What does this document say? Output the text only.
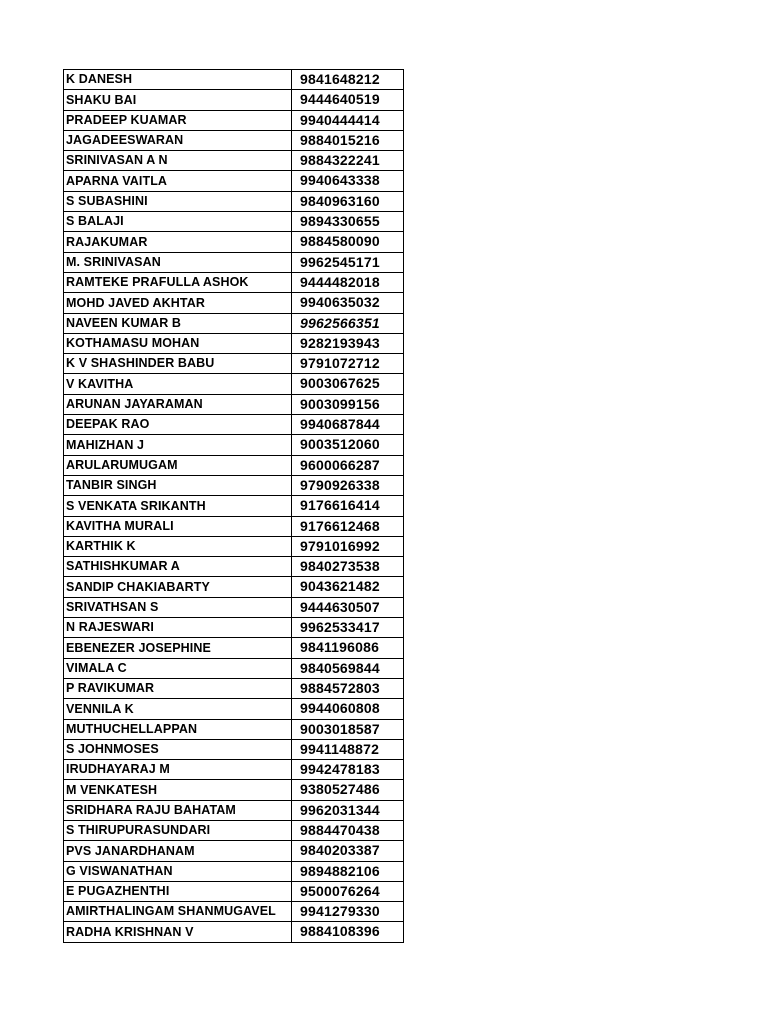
K DANESH	9841648212
SHAKU BAI	9444640519
PRADEEP KUAMAR	9940444414
JAGADEESWARAN	9884015216
SRINIVASAN A N	9884322241
APARNA VAITLA	9940643338
S SUBASHINI	9840963160
S BALAJI	9894330655
RAJAKUMAR	9884580090
M. SRINIVASAN	9962545171
RAMTEKE PRAFULLA ASHOK	9444482018
MOHD JAVED AKHTAR	9940635032
NAVEEN KUMAR B	9962566351
KOTHAMASU MOHAN	9282193943
K V SHASHINDER BABU	9791072712
V KAVITHA	9003067625
ARUNAN JAYARAMAN	9003099156
DEEPAK RAO	9940687844
MAHIZHAN J	9003512060
ARULARUMUGAM	9600066287
TANBIR SINGH	9790926338
S VENKATA SRIKANTH	9176616414
KAVITHA MURALI	9176612468
KARTHIK K	9791016992
SATHISHKUMAR A	9840273538
SANDIP CHAKIABARTY	9043621482
SRIVATHSAN S	9444630507
N RAJESWARI	9962533417
EBENEZER JOSEPHINE	9841196086
VIMALA C	9840569844
P RAVIKUMAR	9884572803
VENNILA K	9944060808
MUTHUCHELLAPPAN	9003018587
S JOHNMOSES	9941148872
IRUDHAYARAJ M	9942478183
M VENKATESH	9380527486
SRIDHARA RAJU BAHATAM	9962031344
S THIRUPURASUNDARI	9884470438
PVS JANARDHANAM	9840203387
G VISWANATHAN	9894882106
E PUGAZHENTHI	9500076264
AMIRTHALINGAM SHANMUGAVEL	9941279330
RADHA KRISHNAN V	9884108396
